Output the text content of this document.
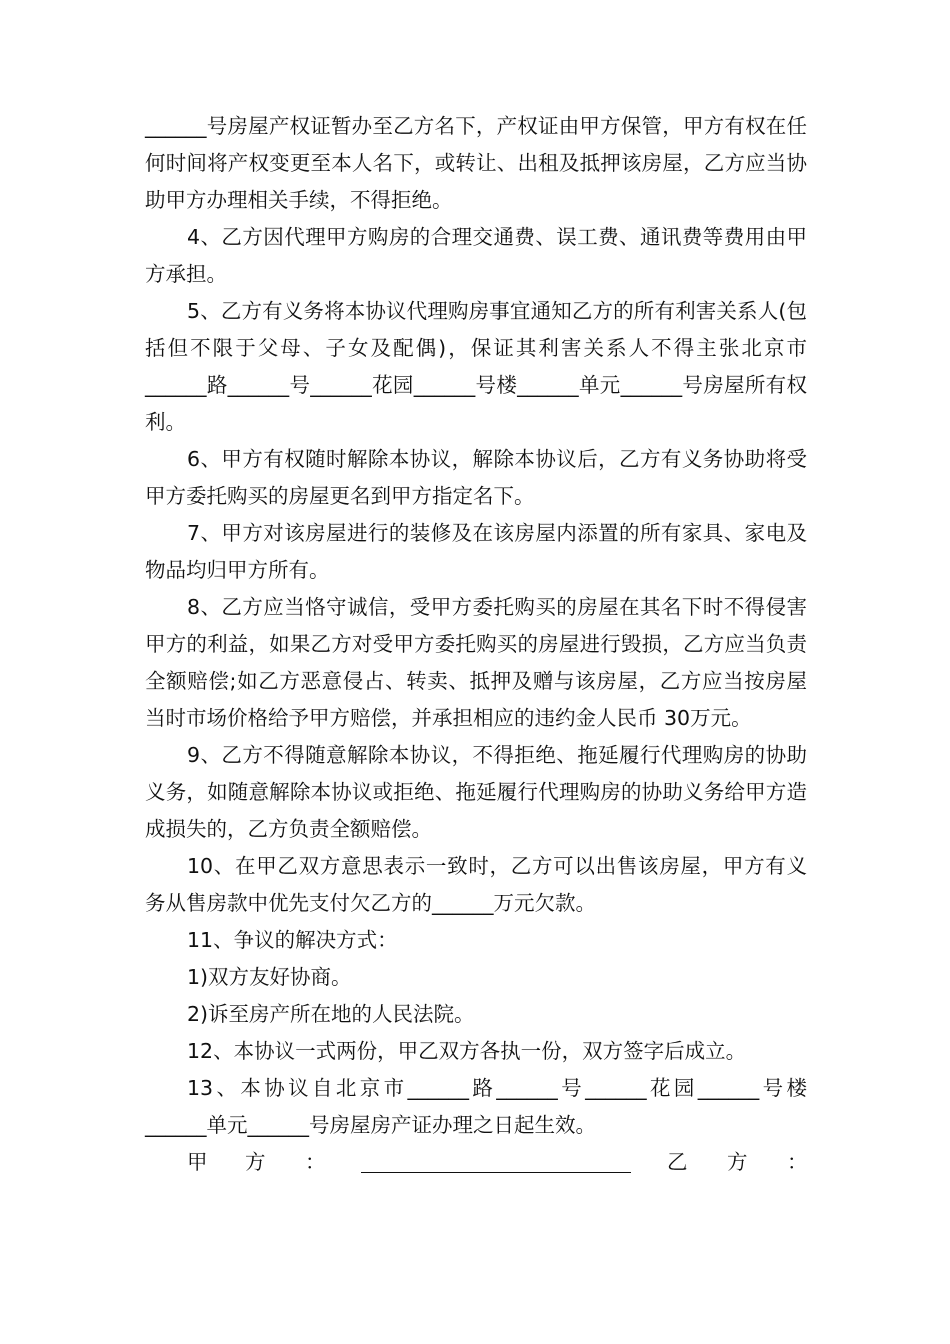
______号房屋产权证暂办至乙方名下，产权证由甲方保管，甲方有权在任何时间将产权变更至本人名下，或转让、出租及抵押该房屋，乙方应当协助甲方办理相关手续，不得拒绝。

4、乙方因代理甲方购房的合理交通费、误工费、通讯费等费用由甲方承担。

5、乙方有义务将本协议代理购房事宜通知乙方的所有利害关系人(包括但不限于父母、子女及配偶)，保证其利害关系人不得主张北京市______路______号______花园______号楼______单元______号房屋所有权利。

6、甲方有权随时解除本协议，解除本协议后，乙方有义务协助将受甲方委托购买的房屋更名到甲方指定名下。

7、甲方对该房屋进行的装修及在该房屋内添置的所有家具、家电及物品均归甲方所有。

8、乙方应当恪守诚信，受甲方委托购买的房屋在其名下时不得侵害甲方的利益，如果乙方对受甲方委托购买的房屋进行毁损，乙方应当负责全额赔偿;如乙方恶意侵占、转卖、抵押及赠与该房屋，乙方应当按房屋当时市场价格给予甲方赔偿，并承担相应的违约金人民币 30万元。

9、乙方不得随意解除本协议，不得拒绝、拖延履行代理购房的协助义务，如随意解除本协议或拒绝、拖延履行代理购房的协助义务给甲方造成损失的，乙方负责全额赔偿。

10、在甲乙双方意思表示一致时，乙方可以出售该房屋，甲方有义务从售房款中优先支付欠乙方的______万元欠款。

11、争议的解决方式：

1)双方友好协商。

2)诉至房产所在地的人民法院。

12、本协议一式两份，甲乙双方各执一份，双方签字后成立。

13、本协议自北京市______路______号______花园______号楼______单元______号房屋房产证办理之日起生效。

甲 方 ：	乙 方 ：
